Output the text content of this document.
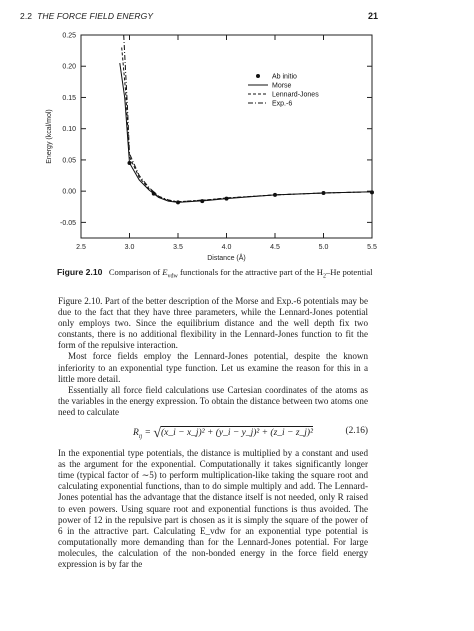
2.2 THE FORCE FIELD ENERGY	21
2.5	3.0	3.5	4.0	4.5	5.0	5.5
0.25
0.20
0.15
0.10
0.05
0.00
-0.05
Distance (Å)
Energy (kcal/mol)
Ab initio
Morse
Lennard-Jones
Exp.-6
Figure 2.10 Comparison of $E_{vdw}$ functionals for the attractive part of the $H_2-He$ potential

Figure 2.10. Part of the better description of the Morse and Exp.-6 potentials may be due to the fact that they have three parameters, while the Lennard-Jones potential only employs two. Since the equilibrium distance and the well depth fix two constants, there is no additional flexibility in the Lennard-Jones function to fit the form of the repulsive interaction.

Most force fields employ the Lennard-Jones potential, despite the known inferiority to an exponential type function. Let us examine the reason for this in a little more detail.

Essentially all force field calculations use Cartesian coordinates of the atoms as the variables in the energy expression. To obtain the distance between two atoms one need to calculate

$R_{ij}$ = √(x_i − x_j)² + (y_i − y_j)² + (z_i − z_j)²	(2.16)

In the exponential type potentials, the distance is multiplied by a constant and used as the argument for the exponential. Computationally it takes significantly longer time (typical factor of ∼5) to perform multiplication-like taking the square root and calculating exponential functions, than to do simple multiply and add. The Lennard-Jones potential has the advantage that the distance itself is not needed, only R raised to even powers. Using square root and exponential functions is thus avoided. The power of 12 in the repulsive part is chosen as it is simply the square of the power of 6 in the attractive part. Calculating E_vdw for an exponential type potential is computationally more demanding than for the Lennard-Jones potential. For large molecules, the calculation of the non-bonded energy in the force field energy expression is by far the
